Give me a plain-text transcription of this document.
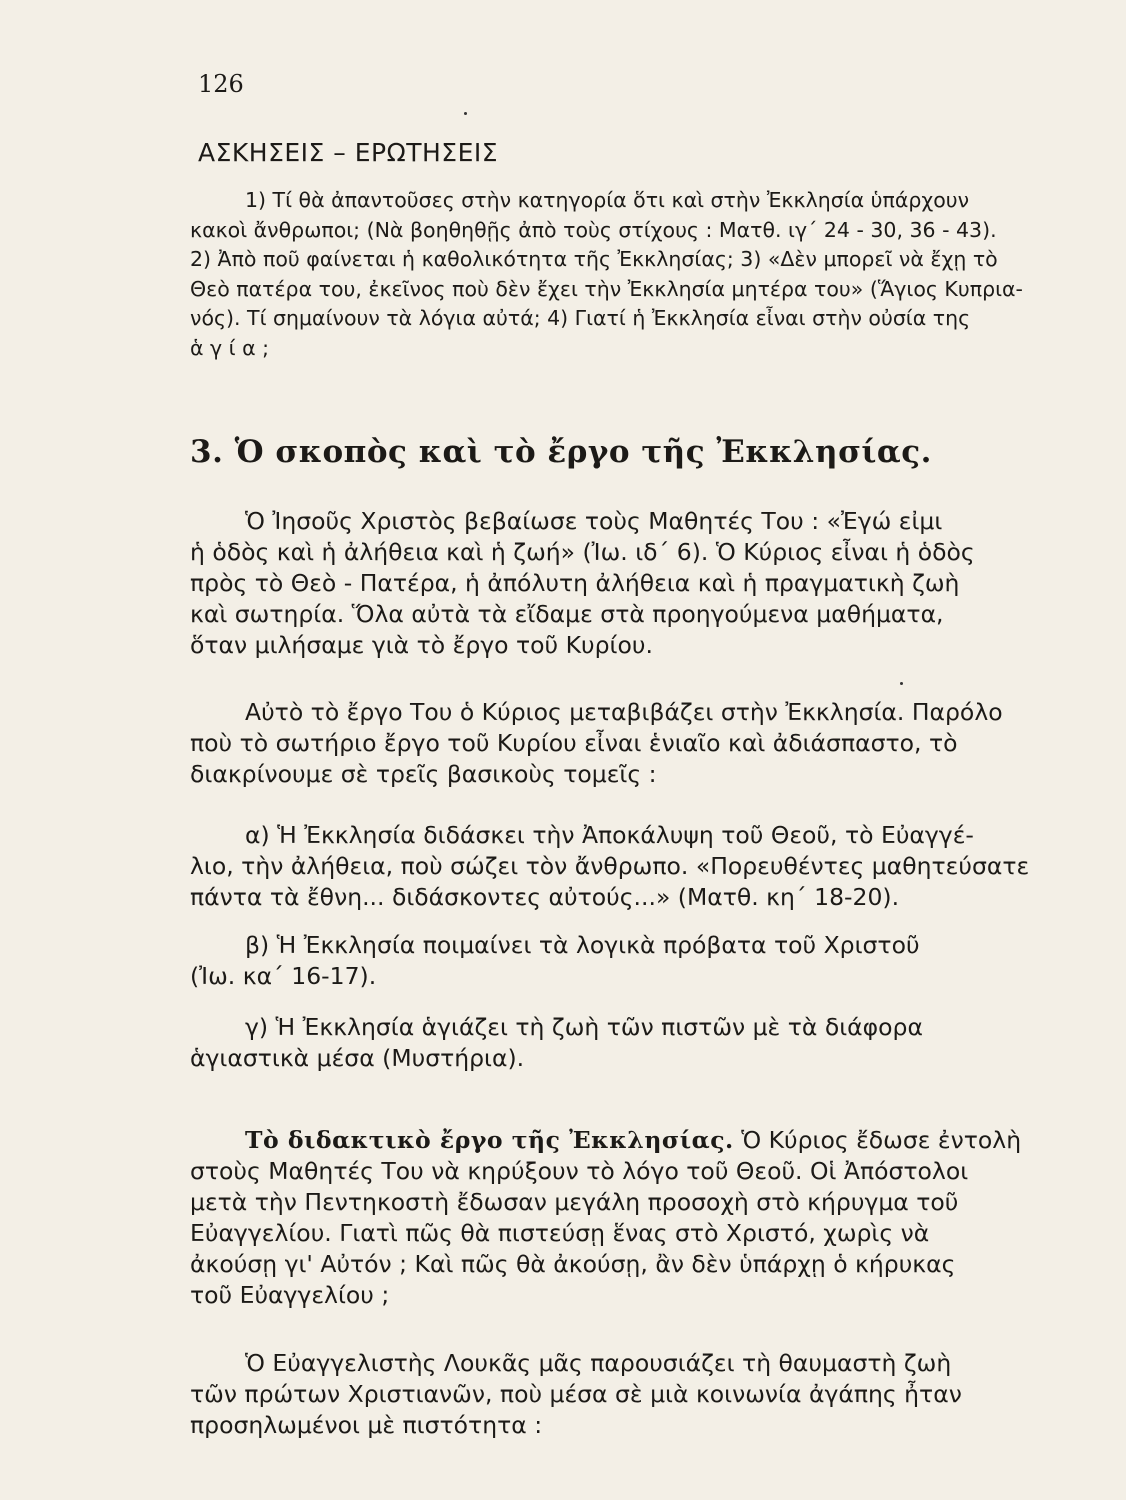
126
ΑΣΚΗΣΕΙΣ – ΕΡΩΤΗΣΕΙΣ
1) Τί θὰ ἀπαντοῦσες στὴν κατηγορία ὅτι καὶ στὴν Ἐκκλησία ὑπάρχουν
κακοὶ ἄνθρωποι; (Νὰ βοηθηθῇς ἀπὸ τοὺς στίχους : Ματθ. ιγ΄ 24 - 30, 36 - 43).
2) Ἀπὸ ποῦ φαίνεται ἡ καθολικότητα τῆς Ἐκκλησίας; 3) «Δὲν μπορεῖ νὰ ἔχῃ τὸ
Θεὸ πατέρα του, ἐκεῖνος ποὺ δὲν ἔχει τὴν Ἐκκλησία μητέρα του» (Ἅγιος Κυπρια-
νός). Τί σημαίνουν τὰ λόγια αὐτά; 4) Γιατί ἡ Ἐκκλησία εἶναι στὴν οὐσία της
ἁ γ ί α ;
3. Ὁ σκοπὸς καὶ τὸ ἔργο τῆς Ἐκκλησίας.
Ὁ Ἰησοῦς Χριστὸς βεβαίωσε τοὺς Μαθητές Του : «Ἐγώ εἰμι
ἡ ὁδὸς καὶ ἡ ἀλήθεια καὶ ἡ ζωή» (Ἰω. ιδ΄ 6). Ὁ Κύριος εἶναι ἡ ὁδὸς
πρὸς τὸ Θεὸ - Πατέρα, ἡ ἀπόλυτη ἀλήθεια καὶ ἡ πραγματικὴ ζωὴ
καὶ σωτηρία. Ὅλα αὐτὰ τὰ εἴδαμε στὰ προηγούμενα μαθήματα,
ὅταν μιλήσαμε γιὰ τὸ ἔργο τοῦ Κυρίου.
Αὐτὸ τὸ ἔργο Του ὁ Κύριος μεταβιβάζει στὴν Ἐκκλησία. Παρόλο
ποὺ τὸ σωτήριο ἔργο τοῦ Κυρίου εἶναι ἑνιαῖο καὶ ἀδιάσπαστο, τὸ
διακρίνουμε σὲ τρεῖς βασικοὺς τομεῖς :
α) Ἡ Ἐκκλησία διδάσκει τὴν Ἀποκάλυψη τοῦ Θεοῦ, τὸ Εὐαγγέ-
λιο, τὴν ἀλήθεια, ποὺ σώζει τὸν ἄνθρωπο. «Πορευθέντες μαθητεύσατε
πάντα τὰ ἔθνη... διδάσκοντες αὐτούς...» (Ματθ. κη΄ 18-20).
β) Ἡ Ἐκκλησία ποιμαίνει τὰ λογικὰ πρόβατα τοῦ Χριστοῦ
(Ἰω. κα΄ 16-17).
γ) Ἡ Ἐκκλησία ἁγιάζει τὴ ζωὴ τῶν πιστῶν μὲ τὰ διάφορα
ἁγιαστικὰ μέσα (Μυστήρια).
Τὸ διδακτικὸ ἔργο τῆς Ἐκκλησίας. Ὁ Κύριος ἔδωσε ἐντολὴ
στοὺς Μαθητές Του νὰ κηρύξουν τὸ λόγο τοῦ Θεοῦ. Οἱ Ἀπόστολοι
μετὰ τὴν Πεντηκοστὴ ἔδωσαν μεγάλη προσοχὴ στὸ κήρυγμα τοῦ
Εὐαγγελίου. Γιατὶ πῶς θὰ πιστεύσῃ ἕνας στὸ Χριστό, χωρὶς νὰ
ἀκούσῃ γι' Αὐτόν ; Καὶ πῶς θὰ ἀκούσῃ, ἂν δὲν ὑπάρχῃ ὁ κήρυκας
τοῦ Εὐαγγελίου ;
Ὁ Εὐαγγελιστὴς Λουκᾶς μᾶς παρουσιάζει τὴ θαυμαστὴ ζωὴ
τῶν πρώτων Χριστιανῶν, ποὺ μέσα σὲ μιὰ κοινωνία ἀγάπης ἦταν
προσηλωμένοι μὲ πιστότητα :
